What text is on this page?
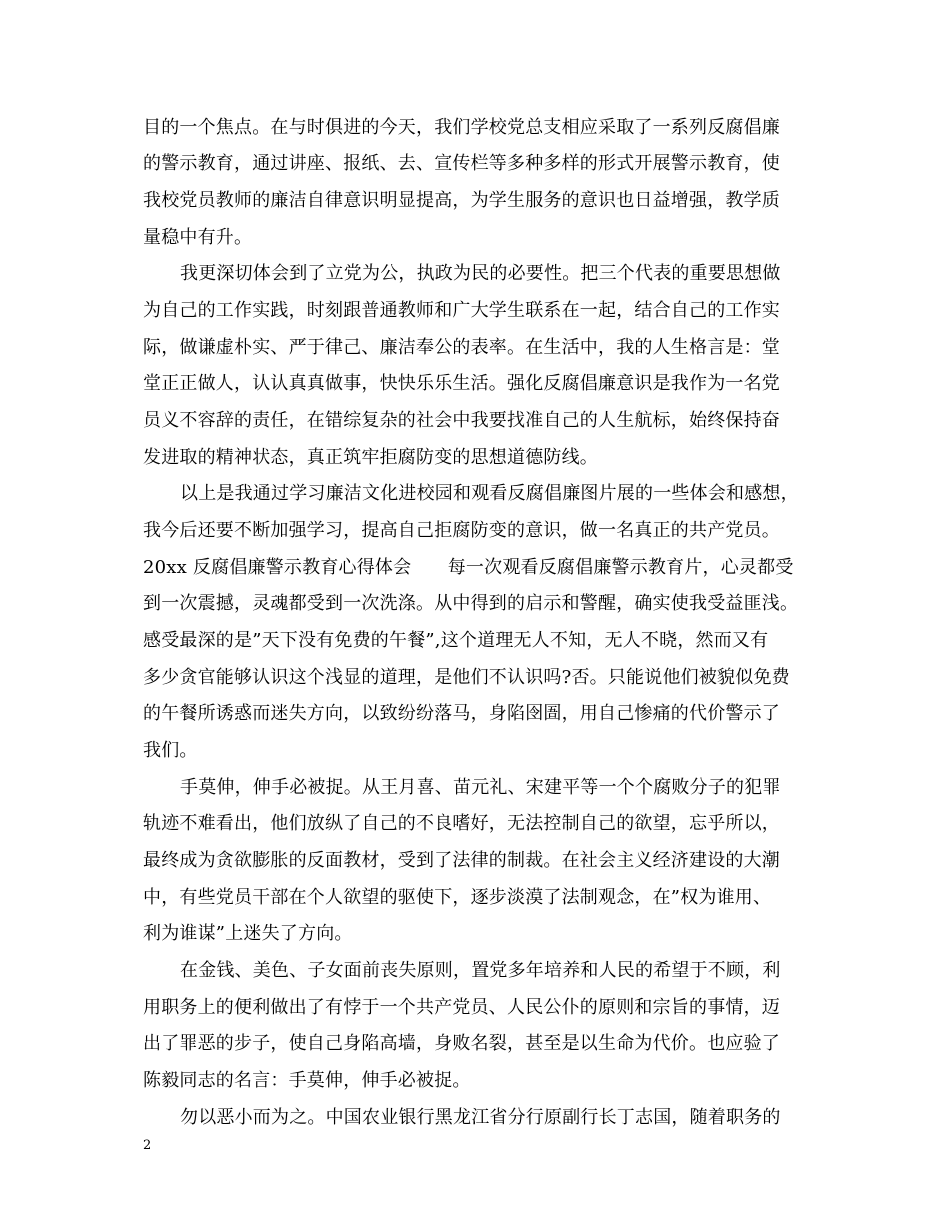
目的一个焦点。在与时俱进的今天，我们学校党总支相应采取了一系列反腐倡廉
的警示教育，通过讲座、报纸、去、宣传栏等多种多样的形式开展警示教育，使
我校党员教师的廉洁自律意识明显提高，为学生服务的意识也日益增强，教学质
量稳中有升。
我更深切体会到了立党为公，执政为民的必要性。把三个代表的重要思想做
为自己的工作实践，时刻跟普通教师和广大学生联系在一起，结合自己的工作实
际，做谦虚朴实、严于律己、廉洁奉公的表率。在生活中，我的人生格言是：堂
堂正正做人，认认真真做事，快快乐乐生活。强化反腐倡廉意识是我作为一名党
员义不容辞的责任，在错综复杂的社会中我要找准自己的人生航标，始终保持奋
发进取的精神状态，真正筑牢拒腐防变的思想道德防线。
以上是我通过学习廉洁文化进校园和观看反腐倡廉图片展的一些体会和感想，
我今后还要不断加强学习，提高自己拒腐防变的意识，做一名真正的共产党员。
20xx 反腐倡廉警示教育心得体会　　每一次观看反腐倡廉警示教育片，心灵都受
到一次震撼，灵魂都受到一次洗涤。从中得到的启示和警醒，确实使我受益匪浅。
感受最深的是”天下没有免费的午餐”,这个道理无人不知，无人不晓，然而又有
多少贪官能够认识这个浅显的道理，是他们不认识吗?否。只能说他们被貌似免费
的午餐所诱惑而迷失方向，以致纷纷落马，身陷囹圄，用自己惨痛的代价警示了
我们。
手莫伸，伸手必被捉。从王月喜、苗元礼、宋建平等一个个腐败分子的犯罪
轨迹不难看出，他们放纵了自己的不良嗜好，无法控制自己的欲望，忘乎所以，
最终成为贪欲膨胀的反面教材，受到了法律的制裁。在社会主义经济建设的大潮
中，有些党员干部在个人欲望的驱使下，逐步淡漠了法制观念，在”权为谁用、
利为谁谋”上迷失了方向。
在金钱、美色、子女面前丧失原则，置党多年培养和人民的希望于不顾，利
用职务上的便利做出了有悖于一个共产党员、人民公仆的原则和宗旨的事情，迈
出了罪恶的步子，使自己身陷高墙，身败名裂，甚至是以生命为代价。也应验了
陈毅同志的名言：手莫伸，伸手必被捉。
勿以恶小而为之。中国农业银行黑龙江省分行原副行长丁志国，随着职务的
2
